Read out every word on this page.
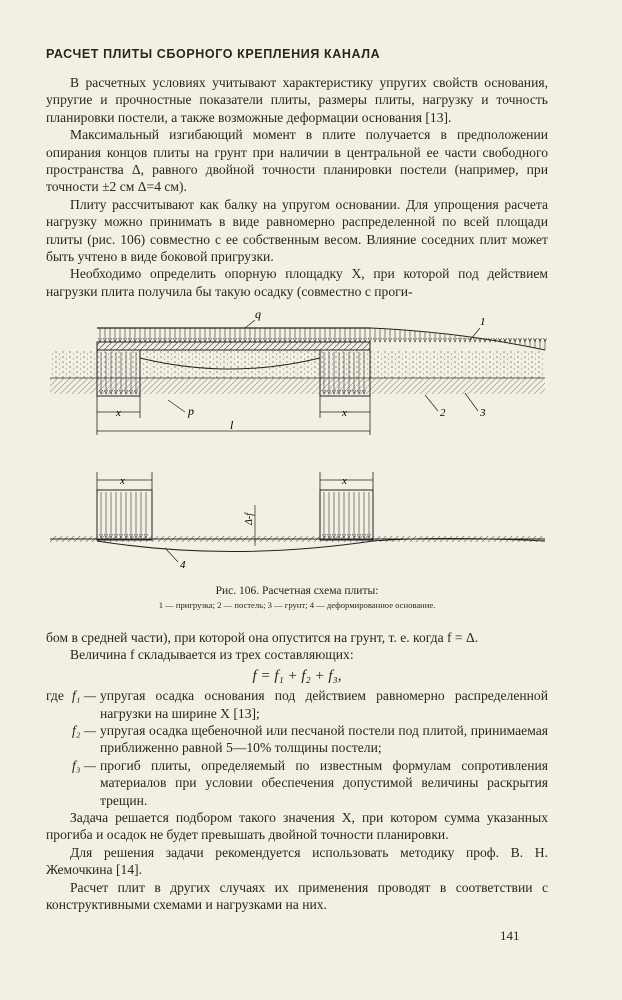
РАСЧЕТ ПЛИТЫ СБОРНОГО КРЕПЛЕНИЯ КАНАЛА

В расчетных условиях учитывают характеристику упругих свойств основания, упругие и прочностные показатели плиты, размеры плиты, нагрузку и точность планировки постели, а также возможные деформации основания [13].

Максимальный изгибающий момент в плите получается в предположении опирания концов плиты на грунт при наличии в центральной ее части свободного пространства Δ, равного двойной точности планировки постели (например, при точности ±2 см Δ=4 см).

Плиту рассчитывают как балку на упругом основании. Для упрощения расчета нагрузку можно принимать в виде равномерно распределенной по всей площади плиты (рис. 106) совместно с ее собственным весом. Влияние соседних плит может быть учтено в виде боковой пригрузки.

Необходимо определить опорную площадку X, при которой под действием нагрузки плита получила бы такую осадку (совместно с проги-

x	x
l
q
1
p	2	3
x	x
Δ-f
4
Рис. 106. Расчетная схема плиты:
1 — пригрузка; 2 — постель; 3 — грунт; 4 — деформированное основание.

бом в средней части), при которой она опустится на грунт, т. е. когда f = Δ.

Величина f складывается из трех составляющих:

f = f₁ + f₂ + f₃,
где f₁ — упругая осадка основания под действием равномерно распределенной нагрузки на ширине X [13];
f₂ — упругая осадка щебеночной или песчаной постели под плитой, принимаемая приближенно равной 5—10% толщины постели;
f₃ — прогиб плиты, определяемый по известным формулам сопротивления материалов при условии обеспечения допустимой величины раскрытия трещин.

Задача решается подбором такого значения X, при котором сумма указанных прогиба и осадок не будет превышать двойной точности планировки.

Для решения задачи рекомендуется использовать методику проф. В. Н. Жемочкина [14].

Расчет плит в других случаях их применения проводят в соответствии с конструктивными схемами и нагрузками на них.

141
